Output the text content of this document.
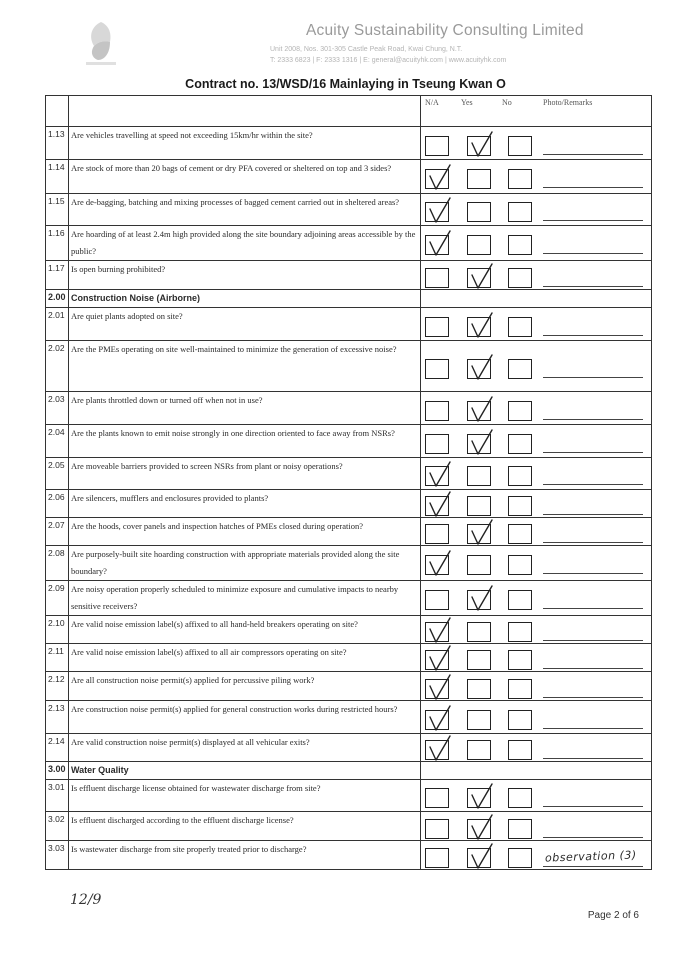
Acuity Sustainability Consulting Limited
Unit 2008, Nos. 301-305 Castle Peak Road, Kwai Chung, N.T.
T: 2333 6823 | F: 2333 1316 | E: general@acuityhk.com | www.acuityhk.com
Contract no. 13/WSD/16 Mainlaying in Tseung Kwan O

		N/A Yes No Photo/Remarks

1.13	Are vehicles travelling at speed not exceeding 15km/hr within the site?	

1.14	Are stock of more than 20 bags of cement or dry PFA covered or sheltered on top and 3 sides?	

1.15	Are de-bagging, batching and mixing processes of bagged cement carried out in sheltered areas?	

1.16	Are hoarding of at least 2.4m high provided along the site boundary adjoining areas accessible by the public?	

1.17	Is open burning prohibited?	

2.00	Construction Noise (Airborne)	
2.01	Are quiet plants adopted on site?	

2.02	Are the PMEs operating on site well-maintained to minimize the generation of excessive noise?	

2.03	Are plants throttled down or turned off when not in use?	

2.04	Are the plants known to emit noise strongly in one direction oriented to face away from NSRs?	

2.05	Are moveable barriers provided to screen NSRs from plant or noisy operations?	

2.06	Are silencers, mufflers and enclosures provided to plants?	

2.07	Are the hoods, cover panels and inspection hatches of PMEs closed during operation?	

2.08	Are purposely-built site hoarding construction with appropriate materials provided along the site boundary?	

2.09	Are noisy operation properly scheduled to minimize exposure and cumulative impacts to nearby sensitive receivers?	

2.10	Are valid noise emission label(s) affixed to all hand-held breakers operating on site?	

2.11	Are valid noise emission label(s) affixed to all air compressors operating on site?	

2.12	Are all construction noise permit(s) applied for percussive piling work?	

2.13	Are construction noise permit(s) applied for general construction works during restricted hours?	

2.14	Are valid construction noise permit(s) displayed at all vehicular exits?	

3.00	Water Quality	
3.01	Is effluent discharge license obtained for wastewater discharge from site?	

3.02	Is effluent discharged according to the effluent discharge license?	

3.03	Is wastewater discharge from site properly treated prior to discharge?	observation (3)
12/9
Page 2 of 6
